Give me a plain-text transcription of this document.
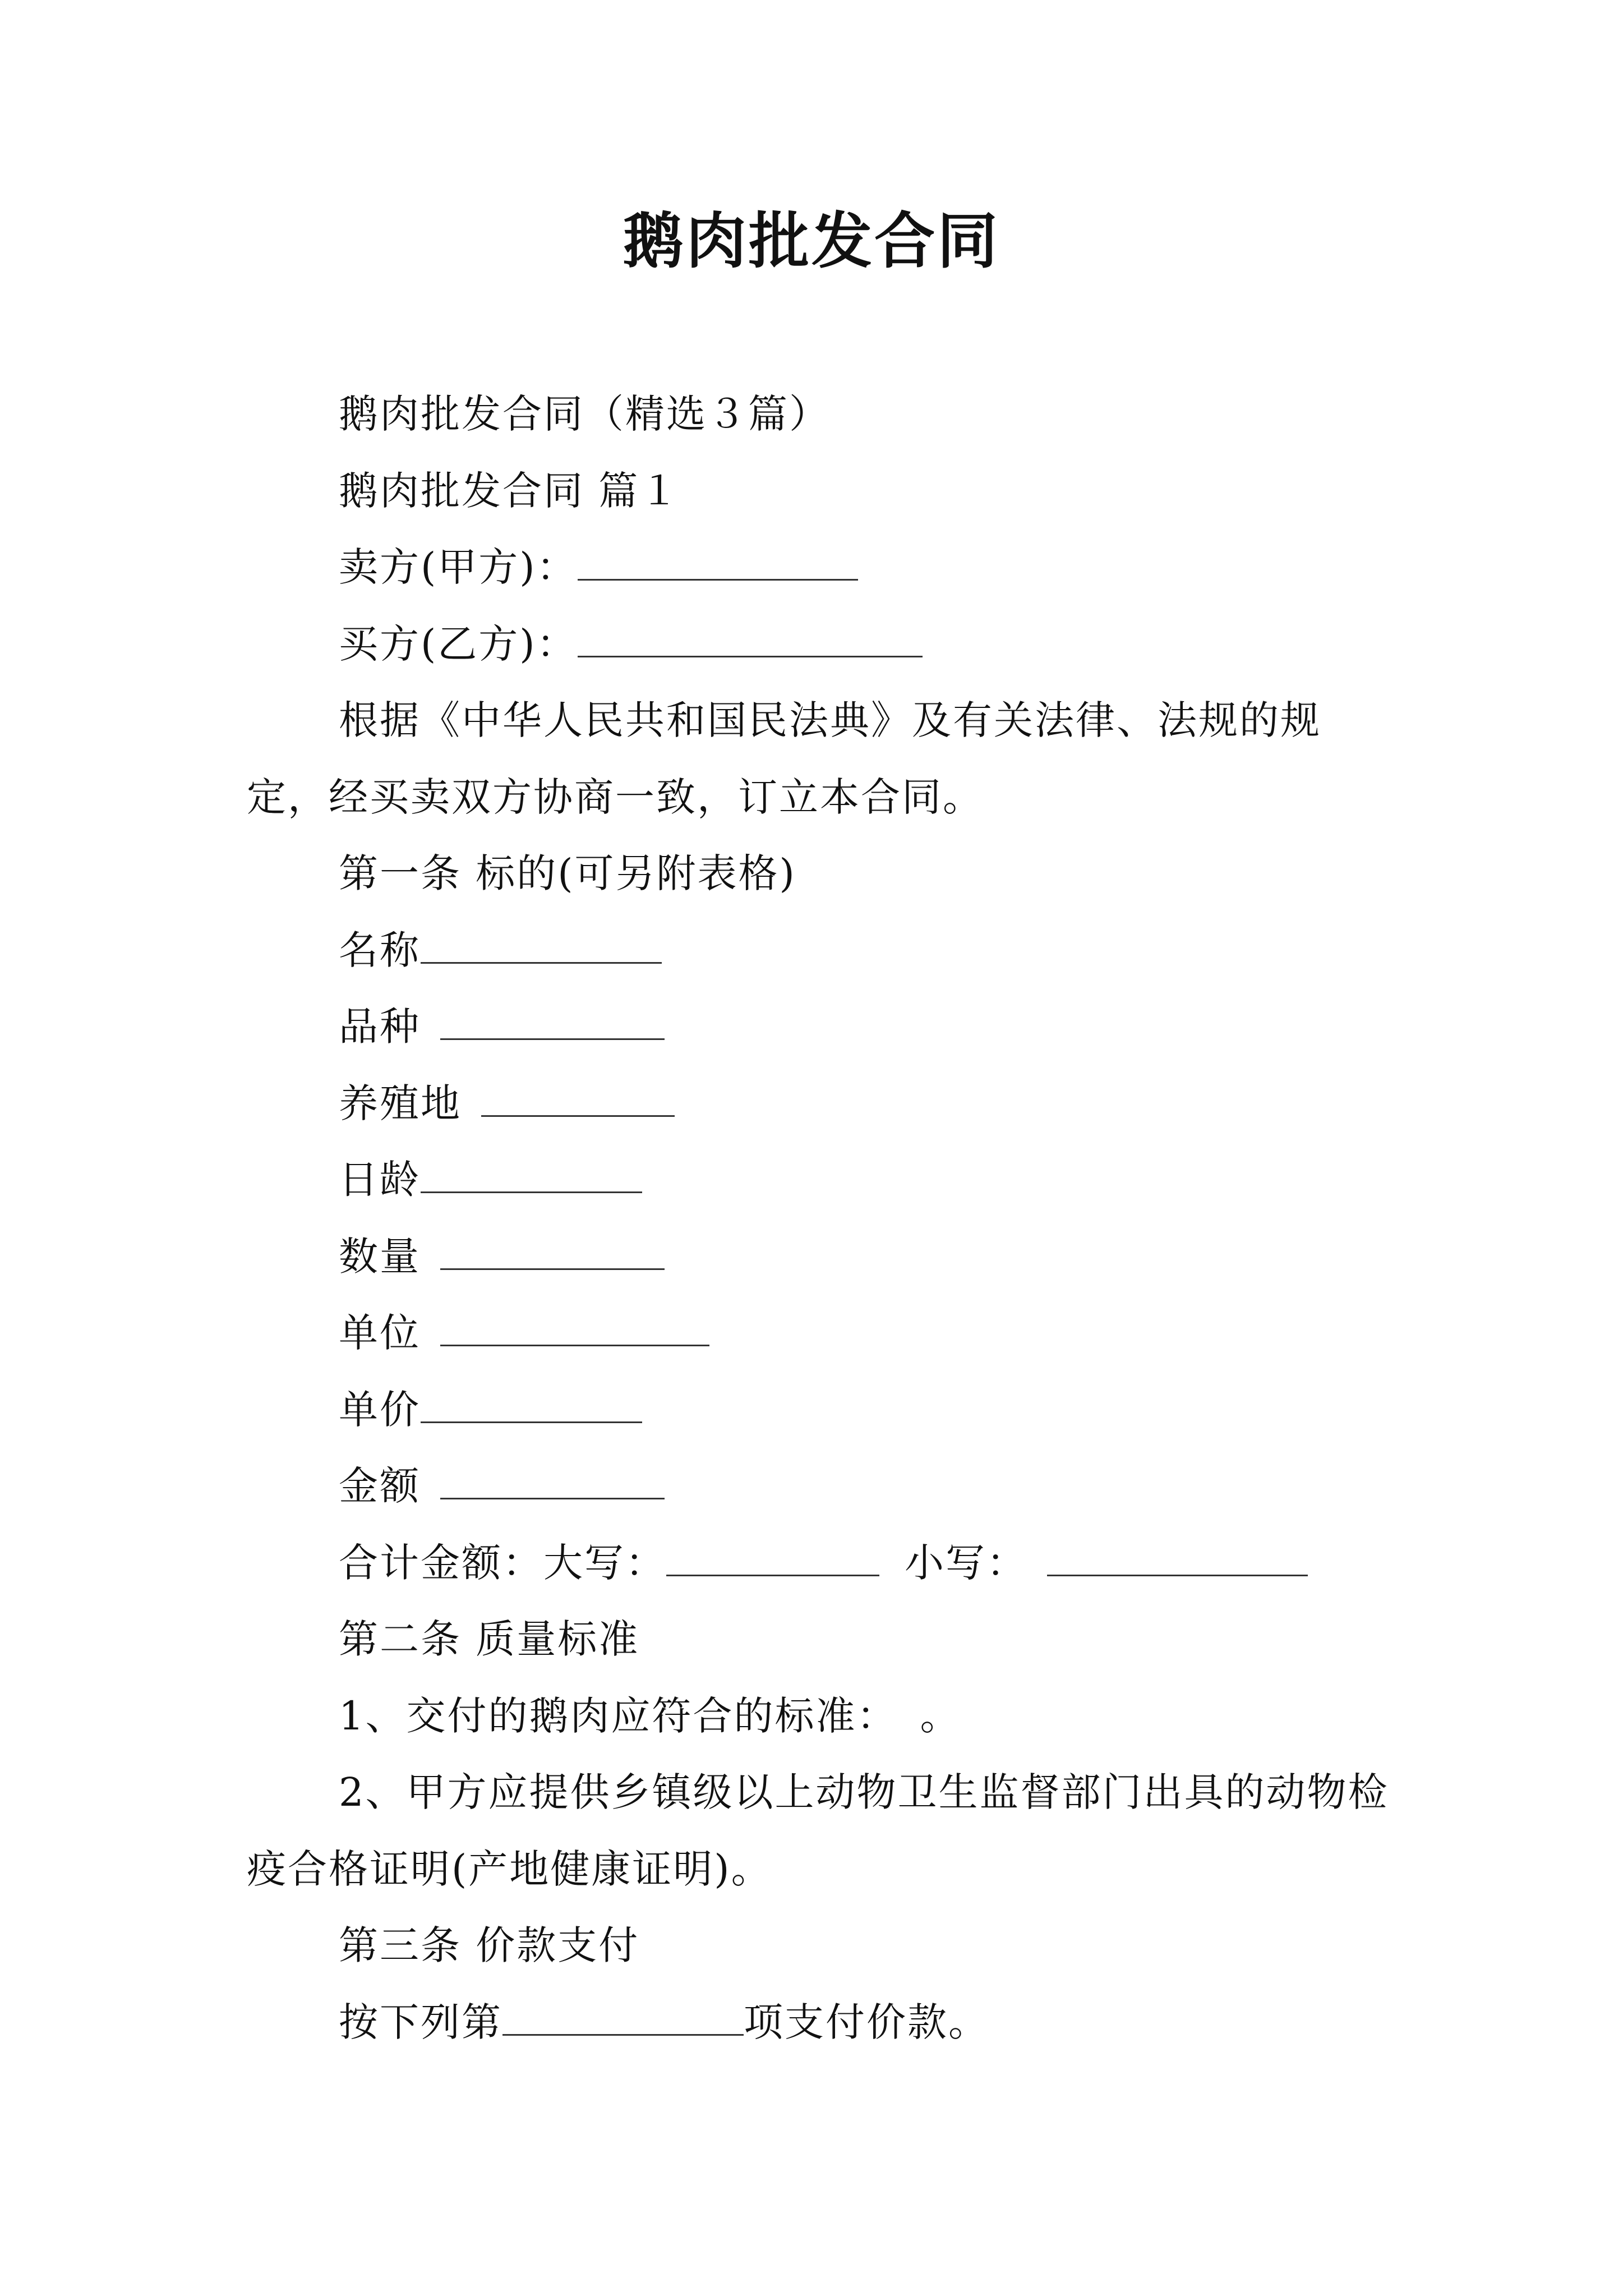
鹅肉批发合同

鹅肉批发合同（精选３篇）

鹅肉批发合同 篇１

卖方(甲方)：

买方(乙方)：

根据《中华人民共和国民法典》及有关法律、法规的规定，经买卖双方协商一致，订立本合同。

第一条 标的(可另附表格)

名称

品种

养殖地

日龄

数量

单位

单价

金额

合计金额：大写：	小写：

第二条 质量标准

1、交付的鹅肉应符合的标准： 。

2、甲方应提供乡镇级以上动物卫生监督部门出具的动物检疫合格证明(产地健康证明)。

第三条 价款支付

按下列第	项支付价款。
